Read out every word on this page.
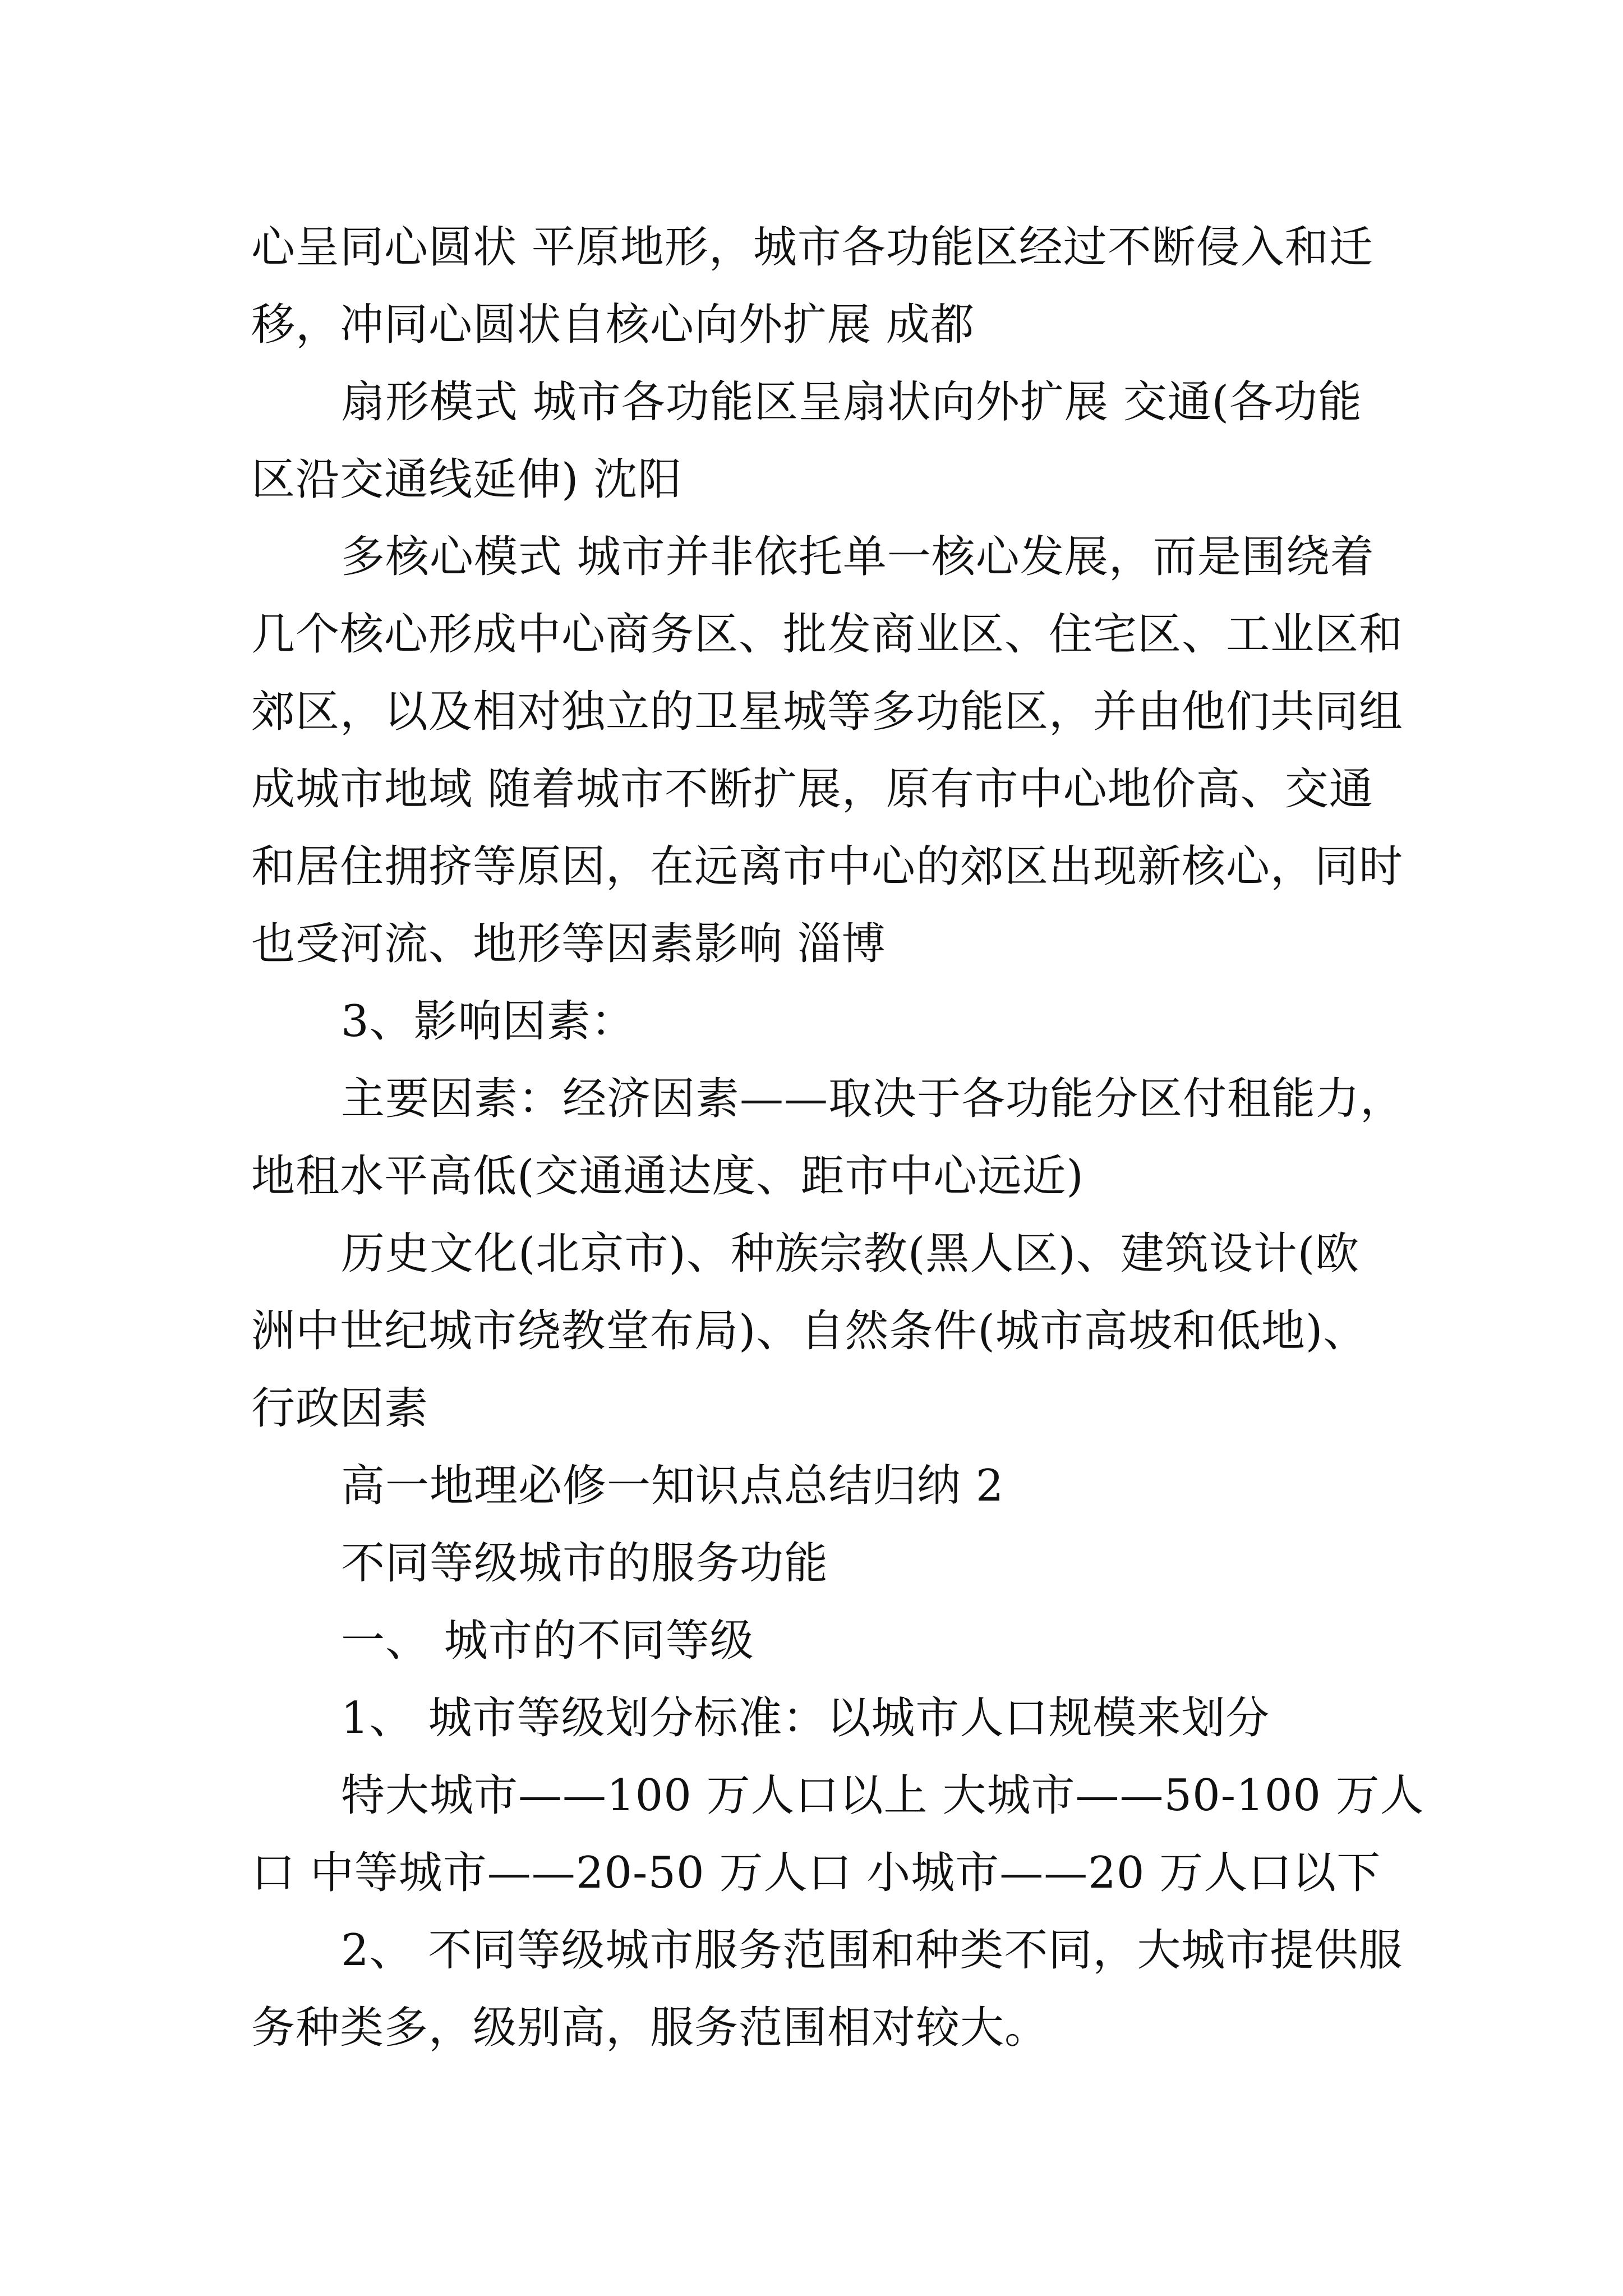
心呈同心圆状 平原地形，城市各功能区经过不断侵入和迁
移，冲同心圆状自核心向外扩展 成都
扇形模式 城市各功能区呈扇状向外扩展 交通(各功能
区沿交通线延伸) 沈阳
多核心模式 城市并非依托单一核心发展，而是围绕着
几个核心形成中心商务区、批发商业区、住宅区、工业区和
郊区，以及相对独立的卫星城等多功能区，并由他们共同组
成城市地域 随着城市不断扩展，原有市中心地价高、交通
和居住拥挤等原因，在远离市中心的郊区出现新核心，同时
也受河流、地形等因素影响 淄博
3、影响因素：
主要因素：经济因素——取决于各功能分区付租能力，
地租水平高低(交通通达度、距市中心远近)
历史文化(北京市)、种族宗教(黑人区)、建筑设计(欧
洲中世纪城市绕教堂布局)、自然条件(城市高坡和低地)、
行政因素
高一地理必修一知识点总结归纳 2
不同等级城市的服务功能
一、 城市的不同等级
1、 城市等级划分标准：以城市人口规模来划分
特大城市——100 万人口以上 大城市——50-100 万人
口 中等城市——20-50 万人口 小城市——20 万人口以下
2、 不同等级城市服务范围和种类不同，大城市提供服
务种类多，级别高，服务范围相对较大。
